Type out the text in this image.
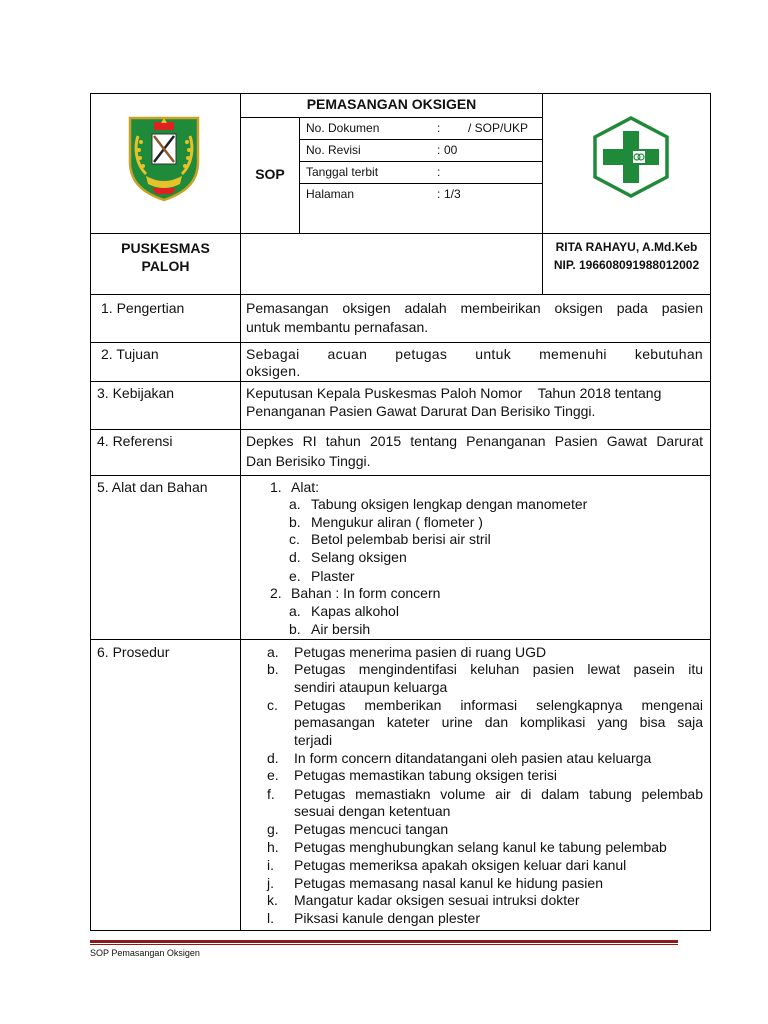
PEMASANGAN OKSIGEN
SOP
No. Dokumen	: / SOP/UKP
No. Revisi	: 00
Tanggal terbit	:
Halaman	: 1/3
PUSKESMAS
PALOH
RITA RAHAYU, A.Md.Keb
NIP. 196608091988012002
1. Pengertian	Pemasangan oksigen adalah membeirikan oksigen pada pasien
untuk membantu pernafasan.
2. Tujuan	Sebagai acuan petugas untuk memenuhi kebutuhan
oksigen.
3. Kebijakan	Keputusan Kepala Puskesmas Paloh Nomor    Tahun 2018 tentang
Penanganan Pasien Gawat Darurat Dan Berisiko Tinggi.
4. Referensi	Depkes RI tahun 2015 tentang Penanganan Pasien Gawat Darurat
Dan Berisiko Tinggi.
5. Alat dan Bahan	1. Alat:
a. Tabung oksigen lengkap dengan manometer
b. Mengukur aliran ( flometer )
c. Betol pelembab berisi air stril
d. Selang oksigen
e. Plaster
2. Bahan : In form concern
a. Kapas alkohol
b. Air bersih
6. Prosedur	a. Petugas menerima pasien di ruang UGD
b. Petugas mengindentifasi keluhan pasien lewat pasein itu
sendiri ataupun keluarga
c. Petugas memberikan informasi selengkapnya mengenai
pemasangan kateter urine dan komplikasi yang bisa saja
terjadi
d. In form concern ditandatangani oleh pasien atau keluarga
e. Petugas memastikan tabung oksigen terisi
f. Petugas memastiakn volume air di dalam tabung pelembab
sesuai dengan ketentuan
g. Petugas mencuci tangan
h. Petugas menghubungkan selang kanul ke tabung pelembab
i. Petugas memeriksa apakah oksigen keluar dari kanul
j. Petugas memasang nasal kanul ke hidung pasien
k. Mangatur kadar oksigen sesuai intruksi dokter
l. Piksasi kanule dengan plester
SOP Pemasangan Oksigen
